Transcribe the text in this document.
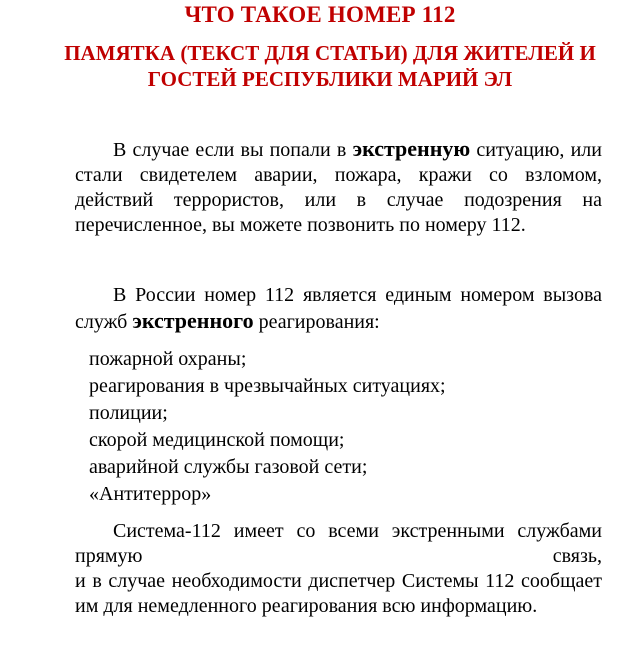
ЧТО ТАКОЕ НОМЕР 112
ПАМЯТКА (ТЕКСТ ДЛЯ СТАТЬИ) ДЛЯ ЖИТЕЛЕЙ И ГОСТЕЙ РЕСПУБЛИКИ МАРИЙ ЭЛ
В случае если вы попали в экстренную ситуацию, или стали свидетелем аварии, пожара, кражи со взломом, действий террористов, или в случае подозрения на перечисленное, вы можете позвонить по номеру 112.
В России номер 112 является единым номером вызова служб экстренного реагирования:
пожарной охраны;
реагирования в чрезвычайных ситуациях;
полиции;
скорой медицинской помощи;
аварийной службы газовой сети;
«Антитеррор»
Система-112 имеет со всеми экстренными службами прямую связь,
и в случае необходимости диспетчер Системы 112 сообщает им для немедленного реагирования всю информацию.
